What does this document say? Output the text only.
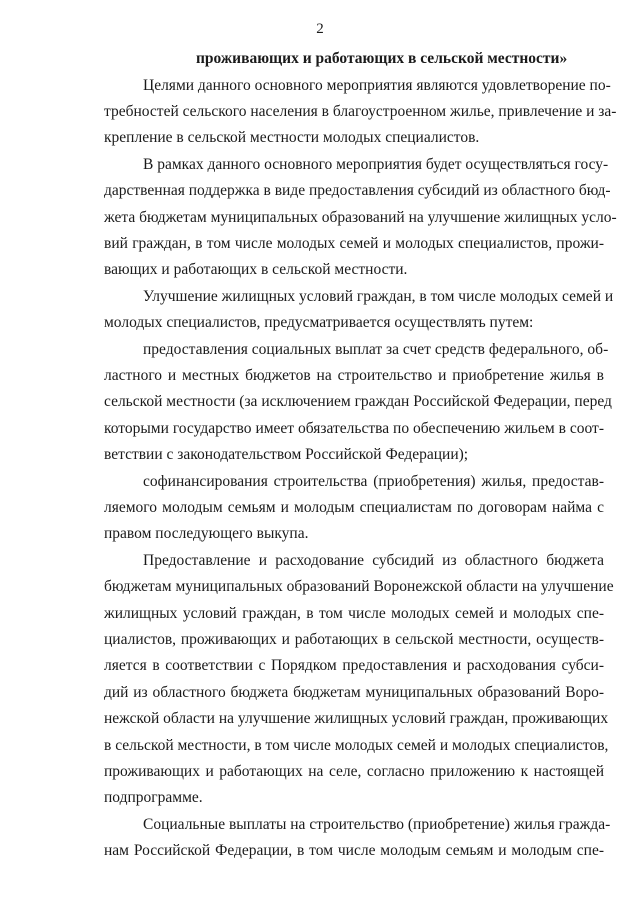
2
проживающих и работающих в сельской местности»
Целями данного основного мероприятия являются удовлетворение по-
требностей сельского населения в благоустроенном жилье, привлечение и за-
крепление в сельской местности молодых специалистов.
В рамках данного основного мероприятия будет осуществляться госу-
дарственная поддержка в виде предоставления субсидий из областного бюд-
жета бюджетам муниципальных образований на улучшение жилищных усло-
вий граждан, в том числе молодых семей и молодых специалистов, прожи-
вающих и работающих в сельской местности.
Улучшение жилищных условий граждан, в том числе молодых семей и
молодых специалистов, предусматривается осуществлять путем:
предоставления социальных выплат за счет средств федерального, об-
ластного и местных бюджетов на строительство и приобретение жилья в
сельской местности (за исключением граждан Российской Федерации, перед
которыми государство имеет обязательства по обеспечению жильем в соот-
ветствии с законодательством Российской Федерации);
софинансирования строительства (приобретения) жилья, предостав-
ляемого молодым семьям и молодым специалистам по договорам найма с
правом последующего выкупа.
Предоставление и расходование субсидий из областного бюджета
бюджетам муниципальных образований Воронежской области на улучшение
жилищных условий граждан, в том числе молодых семей и молодых спе-
циалистов, проживающих и работающих в сельской местности, осуществ-
ляется в соответствии с Порядком предоставления и расходования субси-
дий из областного бюджета бюджетам муниципальных образований Воро-
нежской области на улучшение жилищных условий граждан, проживающих
в сельской местности, в том числе молодых семей и молодых специалистов,
проживающих и работающих на селе, согласно приложению к настоящей
подпрограмме.
Социальные выплаты на строительство (приобретение) жилья гражда-
нам Российской Федерации, в том числе молодым семьям и молодым спе-
